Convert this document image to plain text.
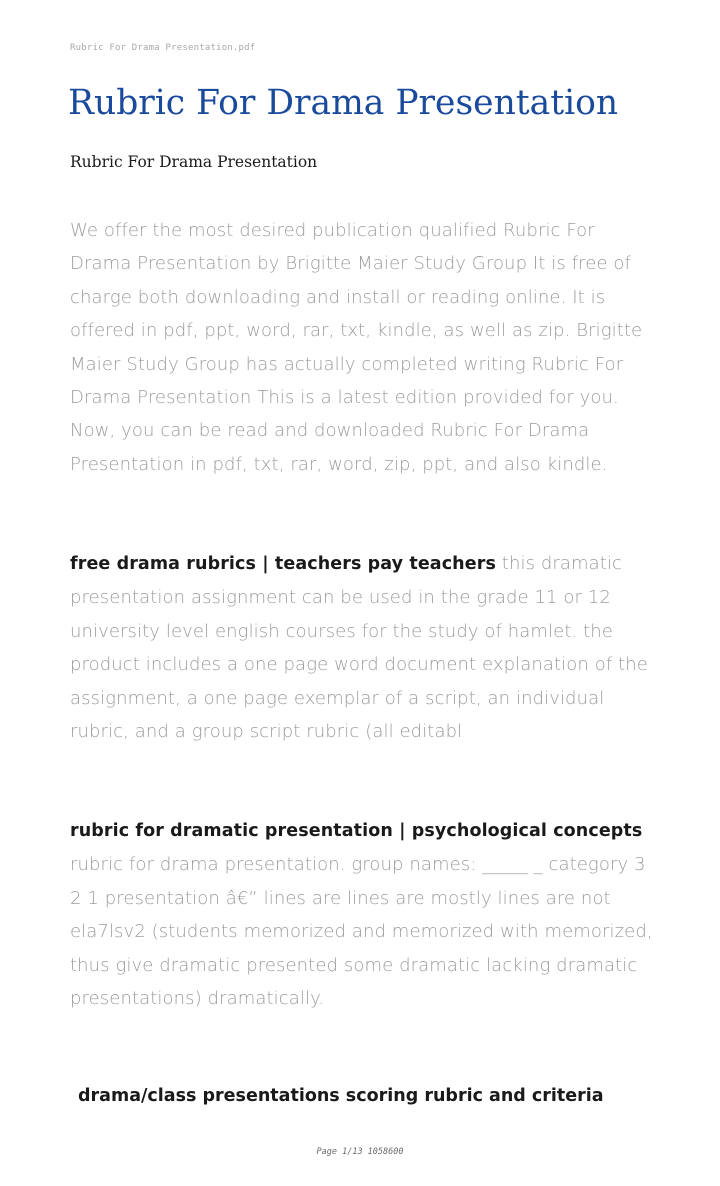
Rubric For Drama Presentation.pdf
Rubric For Drama Presentation
Rubric For Drama Presentation

We offer the most desired publication qualified Rubric For Drama Presentation by Brigitte Maier Study Group It is free of charge both downloading and install or reading online. It is offered in pdf, ppt, word, rar, txt, kindle, as well as zip. Brigitte Maier Study Group has actually completed writing Rubric For Drama Presentation This is a latest edition provided for you. Now, you can be read and downloaded Rubric For Drama Presentation in pdf, txt, rar, word, zip, ppt, and also kindle.

free drama rubrics | teachers pay teachers this dramatic presentation assignment can be used in the grade 11 or 12 university level english courses for the study of hamlet. the product includes a one page word document explanation of the assignment, a one page exemplar of a script, an individual rubric, and a group script rubric (all editabl

rubric for dramatic presentation | psychological concepts  rubric for drama presentation. group names: _____ _ category 3 2 1 presentation â€” lines are lines are mostly lines are not ela7lsv2 (students memorized and memorized with memorized, thus give dramatic presented some dramatic lacking dramatic presentations) dramatically.

drama/class presentations scoring rubric and criteria
Page 1/13 1058600
